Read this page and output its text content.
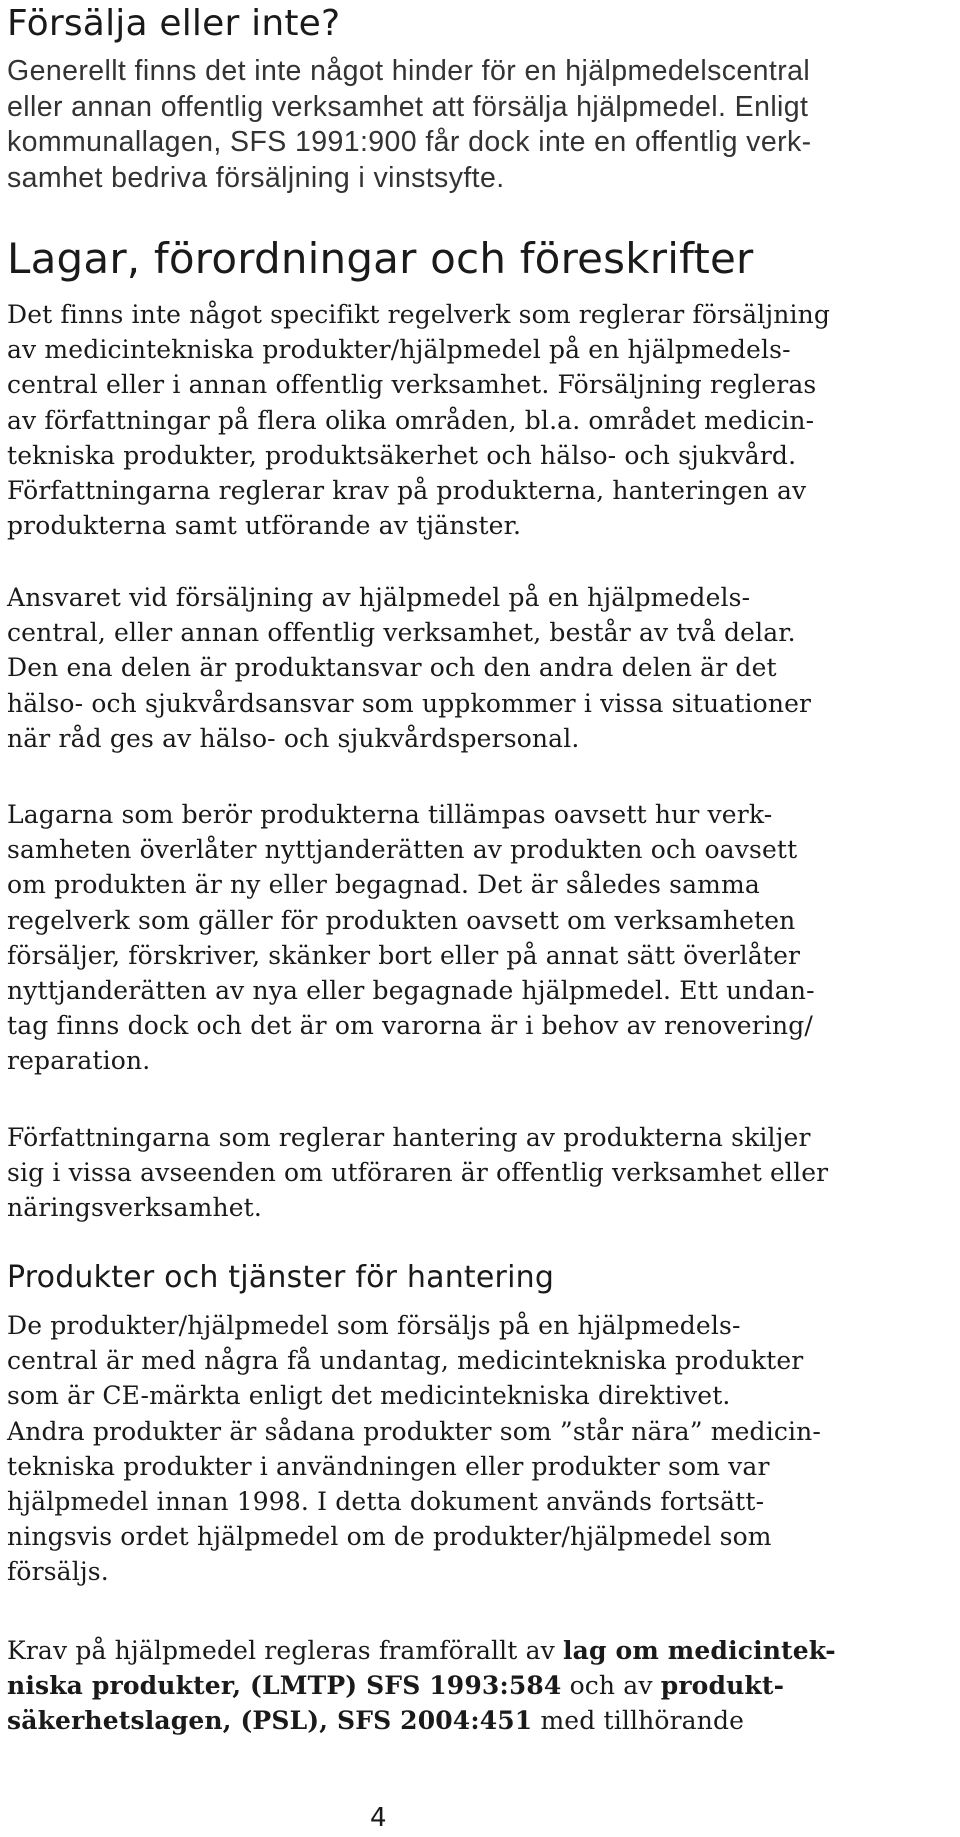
Försälja eller inte?

Generellt finns det inte något hinder för en hjälpmedelscentral
eller annan offentlig verksamhet att försälja hjälpmedel. Enligt
kommunallagen, SFS 1991:900 får dock inte en offentlig verk-
samhet bedriva försäljning i vinstsyfte.

Lagar, förordningar och föreskrifter

Det finns inte något specifikt regelverk som reglerar försäljning
av medicintekniska produkter/hjälpmedel på en hjälpmedels-
central eller i annan offentlig verksamhet. Försäljning regleras
av författningar på flera olika områden, bl.a. området medicin-
tekniska produkter, produktsäkerhet och hälso- och sjukvård.
Författningarna reglerar krav på produkterna, hanteringen av
produkterna samt utförande av tjänster.

Ansvaret vid försäljning av hjälpmedel på en hjälpmedels-
central, eller annan offentlig verksamhet, består av två delar.
Den ena delen är produktansvar och den andra delen är det
hälso- och sjukvårdsansvar som uppkommer i vissa situationer
när råd ges av hälso- och sjukvårdspersonal.

Lagarna som berör produkterna tillämpas oavsett hur verk-
samheten överlåter nyttjanderätten av produkten och oavsett
om produkten är ny eller begagnad. Det är således samma
regelverk som gäller för produkten oavsett om verksamheten
försäljer, förskriver, skänker bort eller på annat sätt överlåter
nyttjanderätten av nya eller begagnade hjälpmedel. Ett undan-
tag finns dock och det är om varorna är i behov av renovering/
reparation.

Författningarna som reglerar hantering av produkterna skiljer
sig i vissa avseenden om utföraren är offentlig verksamhet eller
näringsverksamhet.

Produkter och tjänster för hantering

De produkter/hjälpmedel som försäljs på en hjälpmedels-
central är med några få undantag, medicintekniska produkter
som är CE-märkta enligt det medicintekniska direktivet.
Andra produkter är sådana produkter som ”står nära” medicin-
tekniska produkter i användningen eller produkter som var
hjälpmedel innan 1998. I detta dokument används fortsätt-
ningsvis ordet hjälpmedel om de produkter/hjälpmedel som
försäljs.

Krav på hjälpmedel regleras framförallt av lag om medicintek-
niska produkter, (LMTP) SFS 1993:584 och av produkt-
säkerhetslagen, (PSL), SFS 2004:451 med tillhörande

4
